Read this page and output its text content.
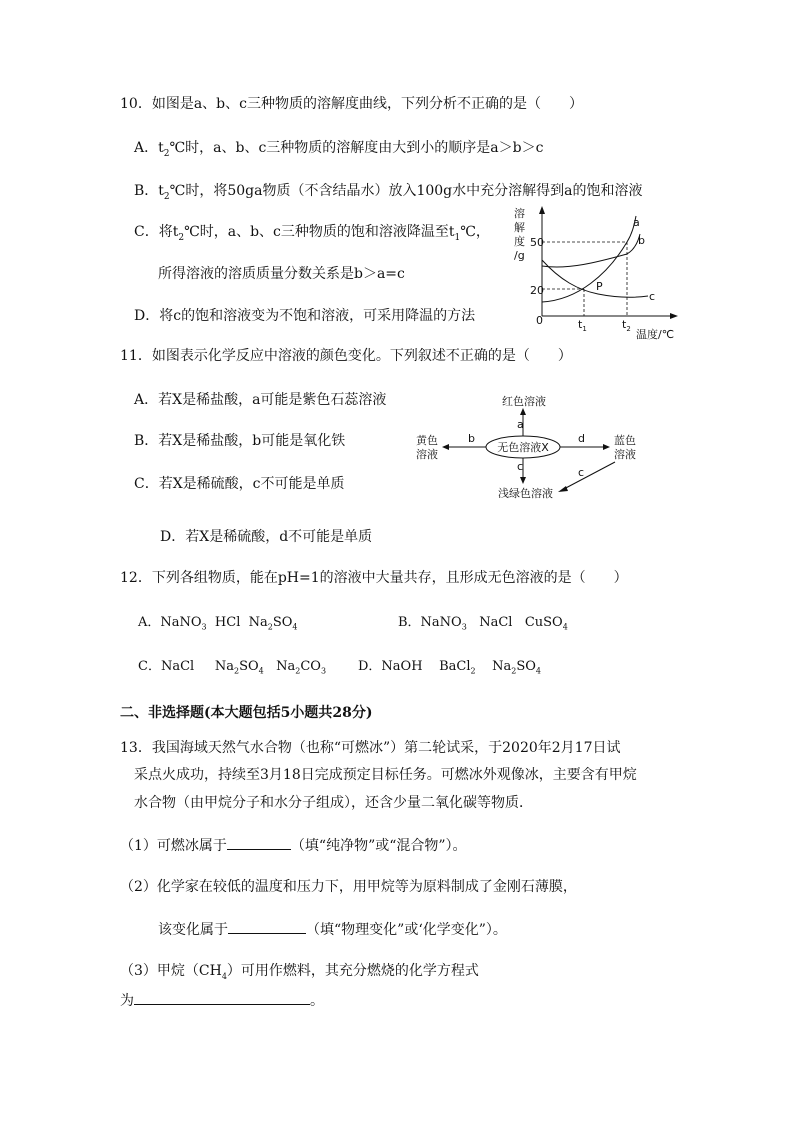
10．如图是a、b、c三种物质的溶解度曲线，下列分析不正确的是（　　）
A．$t_2℃$时，a、b、c三种物质的溶解度由大到小的顺序是a＞b＞c
B．$t_2℃$时，将50ga物质（不含结晶水）放入100g水中充分溶解得到a的饱和溶液
C．将$t_2℃$时，a、b、c三种物质的饱和溶液降温至$t_1℃$，
所得溶液的溶质质量分数关系是b＞a=c
D．将c的饱和溶液变为不饱和溶液，可采用降温的方法
溶
解
度
/g
50
20
0	$t_1$	$t_2$ 温度/℃
a
b
c
P
11．如图表示化学反应中溶液的颜色变化。下列叙述不正确的是（　　）
A．若X是稀盐酸，a可能是紫色石蕊溶液
B．若X是稀盐酸，b可能是氧化铁
C．若X是稀硫酸，c不可能是单质
D．若X是稀硫酸，d不可能是单质
红色溶液
黄色
溶液
蓝色
溶液
浅绿色溶液
a
b	d
c	c
无色溶液X
12．下列各组物质，能在pH=1的溶液中大量共存，且形成无色溶液的是（　　）
A．NaNO$_3$  HCl  $Na_2SO_4$	B．NaNO$_3$   NaCl   CuSO$_4$
C．NaCl     $Na_2SO_4$   $Na_2CO_3$ D．NaOH    BaCl$_2$    $Na_2SO_4$
二、非选择题(本大题包括5小题共28分)
13．我国海域天然气水合物（也称“可燃冰”）第二轮试采，于2020年2月17日试
采点火成功，持续至3月18日完成预定目标任务。可燃冰外观像冰，主要含有甲烷
水合物（由甲烷分子和水分子组成），还含少量二氧化碳等物质．
（1）可燃冰属于	（填“纯净物”或“混合物”）。
（2）化学家在较低的温度和压力下，用甲烷等为原料制成了金刚石薄膜，
该变化属于	（填“物理变化”或‘化学变化”）。
（3）甲烷$(CH_4)$可用作燃料，其充分燃烧的化学方程式
为	。
